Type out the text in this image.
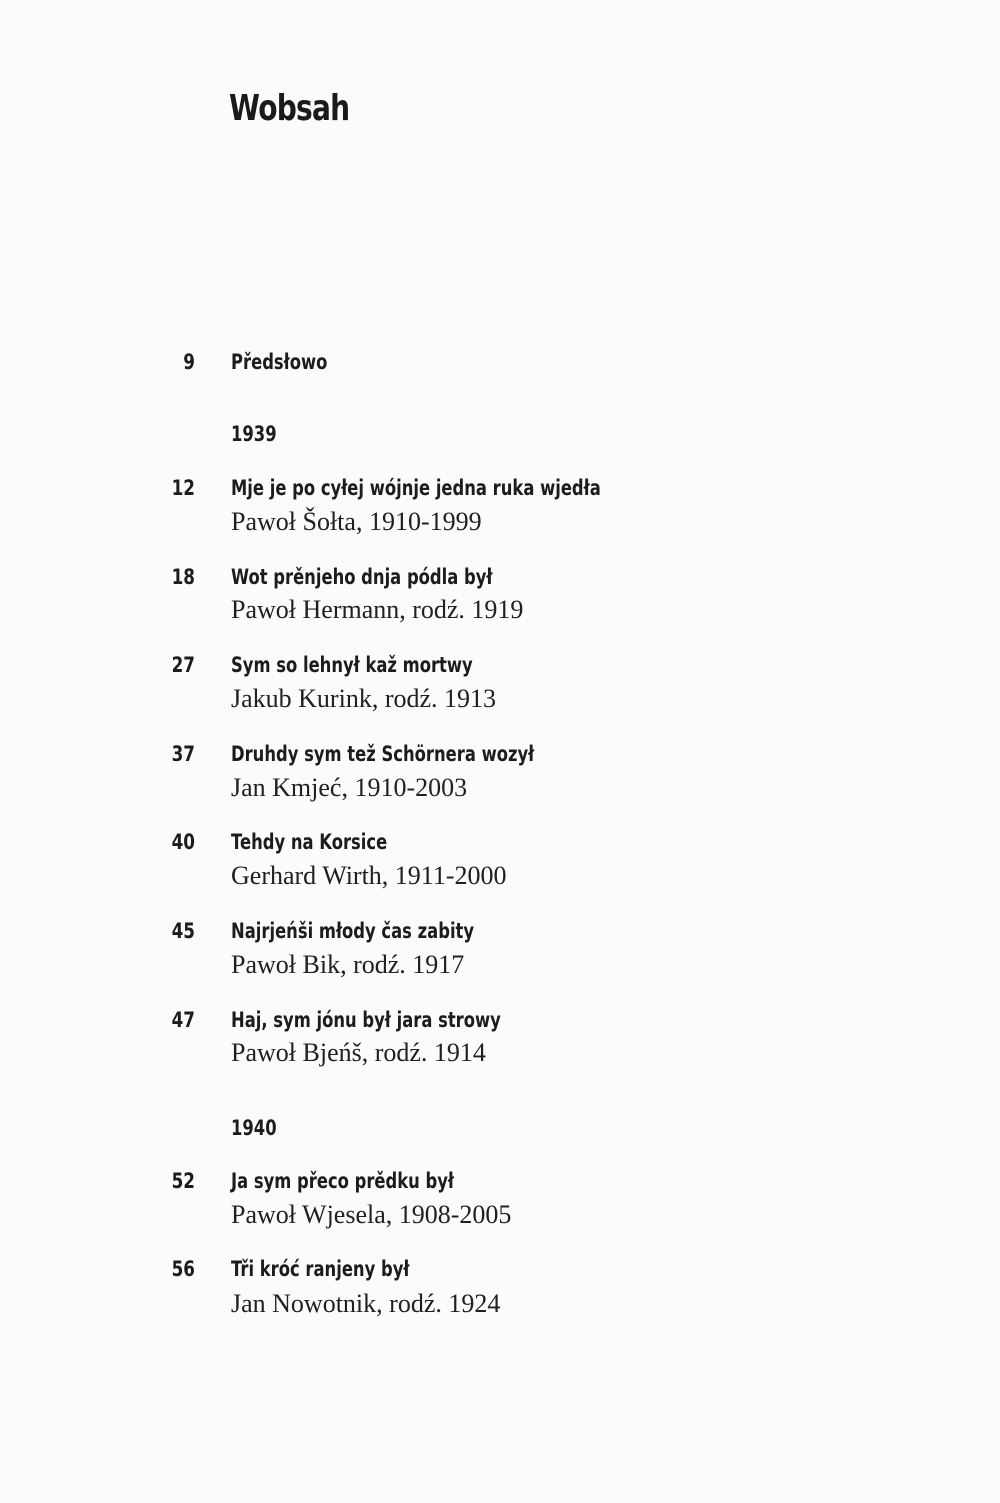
Wobsah
9 Předsłowo
1939
12 Mje je po cyłej wójnje jedna ruka wjedła
Pawoł Šołta, 1910-1999
18 Wot prěnjeho dnja pódla był
Pawoł Hermann, rodź. 1919
27 Sym so lehnył kaž mortwy
Jakub Kurink, rodź. 1913
37 Druhdy sym tež Schörnera wozył
Jan Kmjeć, 1910-2003
40 Tehdy na Korsice
Gerhard Wirth, 1911-2000
45 Najrjeńši młody čas zabity
Pawoł Bik, rodź. 1917
47 Haj, sym jónu był jara strowy
Pawoł Bjeńš, rodź. 1914
1940
52 Ja sym přeco prědku był
Pawoł Wjesela, 1908-2005
56 Tři króć ranjeny był
Jan Nowotnik, rodź. 1924
